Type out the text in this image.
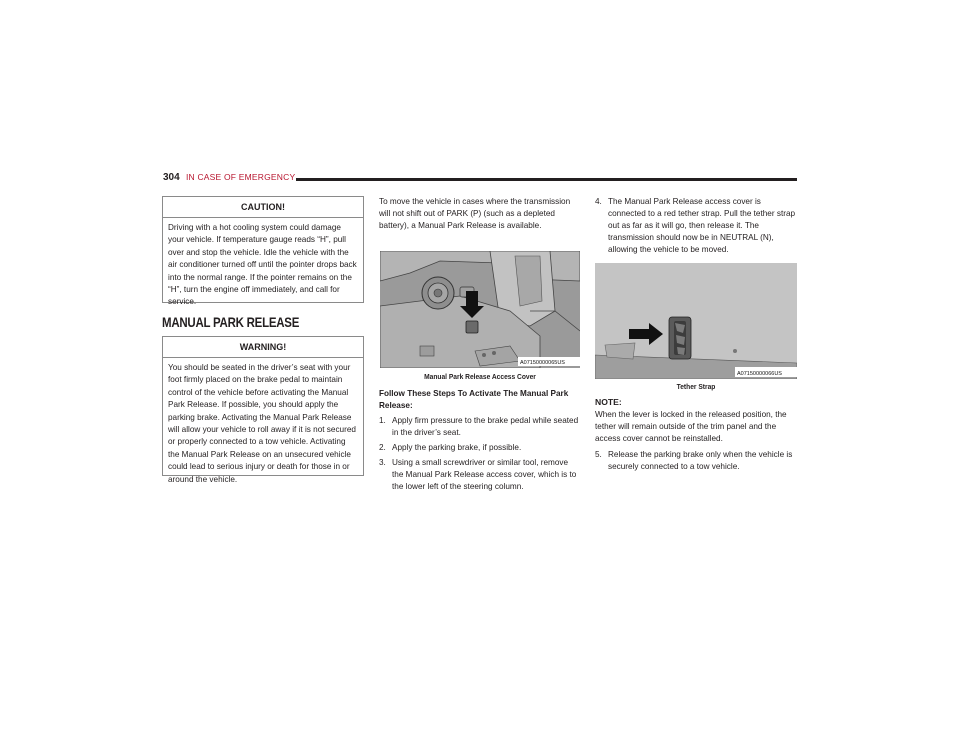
304 IN CASE OF EMERGENCY
CAUTION!
Driving with a hot cooling system could damage your vehicle. If temperature gauge reads “H”, pull over and stop the vehicle. Idle the vehicle with the air conditioner turned off until the pointer drops back into the normal range. If the pointer remains on the “H”, turn the engine off immediately, and call for service.
MANUAL PARK RELEASE
WARNING!
You should be seated in the driver’s seat with your foot firmly placed on the brake pedal to maintain control of the vehicle before activating the Manual Park Release. If possible, you should apply the parking brake. Activating the Manual Park Release will allow your vehicle to roll away if it is not secured or properly connected to a tow vehicle. Activating the Manual Park Release on an unsecured vehicle could lead to serious injury or death for those in or around the vehicle.
To move the vehicle in cases where the transmission will not shift out of PARK (P) (such as a depleted battery), a Manual Park Release is available.
A07150000065US
Manual Park Release Access Cover
Follow These Steps To Activate The Manual Park Release:
1. Apply firm pressure to the brake pedal while seated in the driver’s seat.
2. Apply the parking brake, if possible.
3. Using a small screwdriver or similar tool, remove the Manual Park Release access cover, which is to the lower left of the steering column.
4. The Manual Park Release access cover is connected to a red tether strap. Pull the tether strap out as far as it will go, then release it. The transmission should now be in NEUTRAL (N), allowing the vehicle to be moved.
A07150000066US
Tether Strap
NOTE:
When the lever is locked in the released position, the tether will remain outside of the trim panel and the access cover cannot be reinstalled.
5. Release the parking brake only when the vehicle is securely connected to a tow vehicle.
